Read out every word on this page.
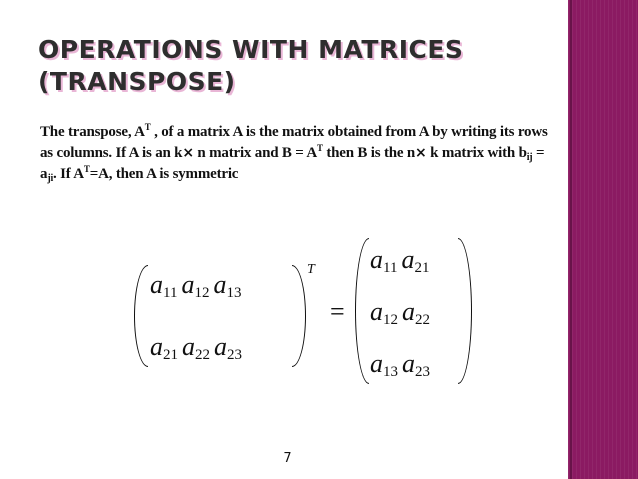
OPERATIONS WITH MATRICES
(TRANSPOSE)

The transpose, $A^T$ , of a matrix A is the matrix obtained from A by writing its rows as columns. If A is an k× n matrix and $B = A^T$ then B is the n× k matrix with $b_{ij} = a_{ji}$. If $A^T=A$, then A is symmetric

$a_{11}$ $a_{12}$ $a_{13}$
$a_{21}$ $a_{22}$ $a_{23}$
T
=
$a_{11}$ $a_{21}$
$a_{12}$ $a_{22}$
$a_{13}$ $a_{23}$
7
